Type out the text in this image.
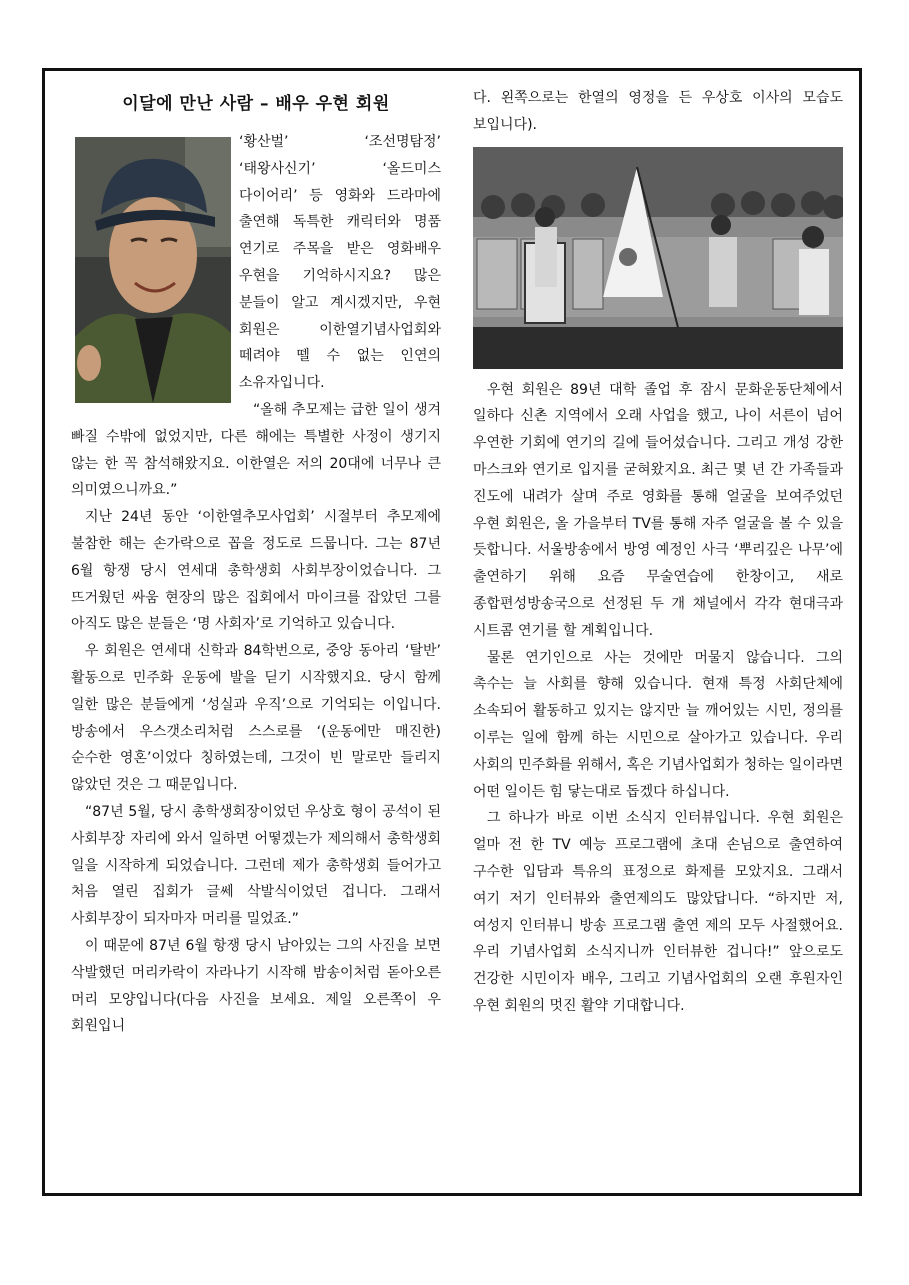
이달에 만난 사람 – 배우 우현 회원

‘황산벌’ ‘조선명탐정’ ‘태왕사신기’ ‘올드미스 다이어리’ 등 영화와 드라마에 출연해 독특한 캐릭터와 명품 연기로 주목을 받은 영화배우 우현을 기억하시지요? 많은 분들이 알고 계시겠지만, 우현 회원은 이한열기념사업회와 떼려야 뗄 수 없는 인연의 소유자입니다.

“올해 추모제는 급한 일이 생겨 빠질 수밖에 없었지만, 다른 해에는 특별한 사정이 생기지 않는 한 꼭 참석해왔지요. 이한열은 저의 20대에 너무나 큰 의미였으니까요.”

지난 24년 동안 ‘이한열추모사업회’ 시절부터 추모제에 불참한 해는 손가락으로 꼽을 정도로 드뭅니다. 그는 87년 6월 항쟁 당시 연세대 총학생회 사회부장이었습니다. 그 뜨거웠던 싸움 현장의 많은 집회에서 마이크를 잡았던 그를 아직도 많은 분들은 ‘명 사회자’로 기억하고 있습니다.

우 회원은 연세대 신학과 84학번으로, 중앙 동아리 ‘탈반’ 활동으로 민주화 운동에 발을 딛기 시작했지요. 당시 함께 일한 많은 분들에게 ‘성실과 우직’으로 기억되는 이입니다. 방송에서 우스갯소리처럼 스스로를 ‘(운동에만 매진한) 순수한 영혼’이었다 칭하였는데, 그것이 빈 말로만 들리지 않았던 것은 그 때문입니다.

“87년 5월, 당시 총학생회장이었던 우상호 형이 공석이 된 사회부장 자리에 와서 일하면 어떻겠는가 제의해서 총학생회 일을 시작하게 되었습니다. 그런데 제가 총학생회 들어가고 처음 열린 집회가 글쎄 삭발식이었던 겁니다. 그래서 사회부장이 되자마자 머리를 밀었죠.”

이 때문에 87년 6월 항쟁 당시 남아있는 그의 사진을 보면 삭발했던 머리카락이 자라나기 시작해 밤송이처럼 돋아오른 머리 모양입니다(다음 사진을 보세요. 제일 오른쪽이 우 회원입니

다. 왼쪽으로는 한열의 영정을 든 우상호 이사의 모습도 보입니다).

우현 회원은 89년 대학 졸업 후 잠시 문화운동단체에서 일하다 신촌 지역에서 오래 사업을 했고, 나이 서른이 넘어 우연한 기회에 연기의 길에 들어섰습니다. 그리고 개성 강한 마스크와 연기로 입지를 굳혀왔지요. 최근 몇 년 간 가족들과 진도에 내려가 살며 주로 영화를 통해 얼굴을 보여주었던 우현 회원은, 올 가을부터 TV를 통해 자주 얼굴을 볼 수 있을 듯합니다. 서울방송에서 방영 예정인 사극 ‘뿌리깊은 나무’에 출연하기 위해 요즘 무술연습에 한창이고, 새로 종합편성방송국으로 선정된 두 개 채널에서 각각 현대극과 시트콤 연기를 할 계획입니다.

물론 연기인으로 사는 것에만 머물지 않습니다. 그의 촉수는 늘 사회를 향해 있습니다. 현재 특정 사회단체에 소속되어 활동하고 있지는 않지만 늘 깨어있는 시민, 정의를 이루는 일에 함께 하는 시민으로 살아가고 있습니다. 우리 사회의 민주화를 위해서, 혹은 기념사업회가 청하는 일이라면 어떤 일이든 힘 닿는대로 돕겠다 하십니다.

그 하나가 바로 이번 소식지 인터뷰입니다. 우현 회원은 얼마 전 한 TV 예능 프로그램에 초대 손님으로 출연하여 구수한 입담과 특유의 표정으로 화제를 모았지요. 그래서 여기 저기 인터뷰와 출연제의도 많았답니다. “하지만 저, 여성지 인터뷰니 방송 프로그램 출연 제의 모두 사절했어요. 우리 기념사업회 소식지니까 인터뷰한 겁니다!” 앞으로도 건강한 시민이자 배우, 그리고 기념사업회의 오랜 후원자인 우현 회원의 멋진 활약 기대합니다.
